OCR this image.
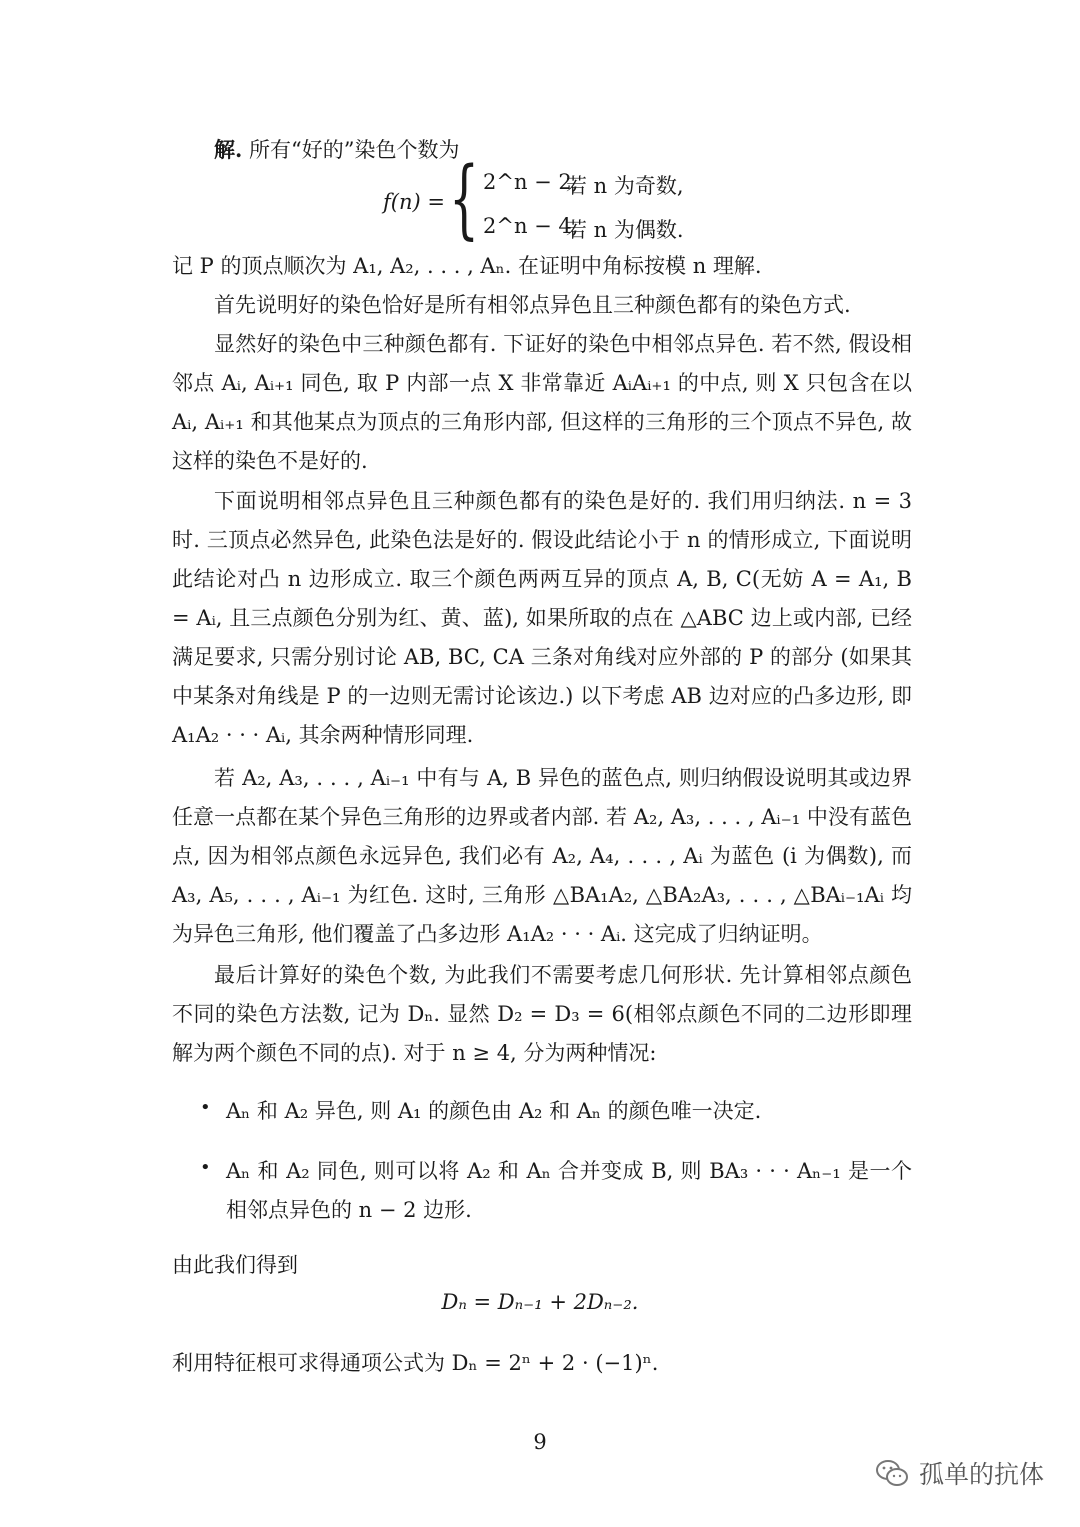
解. 所有“好的”染色个数为

f(n) = { 2^n − 2,
若 n 为奇数,
2^n − 4,
若 n 为偶数.

记 P 的顶点顺次为 A₁, A₂, . . . , Aₙ. 在证明中角标按模 n 理解.

首先说明好的染色恰好是所有相邻点异色且三种颜色都有的染色方式.

显然好的染色中三种颜色都有. 下证好的染色中相邻点异色. 若不然, 假设相邻点 Aᵢ, Aᵢ₊₁ 同色, 取 P 内部一点 X 非常靠近 AᵢAᵢ₊₁ 的中点, 则 X 只包含在以 Aᵢ, Aᵢ₊₁ 和其他某点为顶点的三角形内部, 但这样的三角形的三个顶点不异色, 故这样的染色不是好的.

下面说明相邻点异色且三种颜色都有的染色是好的. 我们用归纳法. n = 3 时. 三顶点必然异色, 此染色法是好的. 假设此结论小于 n 的情形成立, 下面说明此结论对凸 n 边形成立. 取三个颜色两两互异的顶点 A, B, C(无妨 A = A₁, B = Aᵢ, 且三点颜色分别为红、黄、蓝), 如果所取的点在 △ABC 边上或内部, 已经满足要求, 只需分别讨论 AB, BC, CA 三条对角线对应外部的 P 的部分 (如果其中某条对角线是 P 的一边则无需讨论该边.) 以下考虑 AB 边对应的凸多边形, 即 A₁A₂ · · · Aᵢ, 其余两种情形同理.

若 A₂, A₃, . . . , Aᵢ₋₁ 中有与 A, B 异色的蓝色点, 则归纳假设说明其或边界任意一点都在某个异色三角形的边界或者内部. 若 A₂, A₃, . . . , Aᵢ₋₁ 中没有蓝色点, 因为相邻点颜色永远异色, 我们必有 A₂, A₄, . . . , Aᵢ 为蓝色 (i 为偶数), 而 A₃, A₅, . . . , Aᵢ₋₁ 为红色. 这时, 三角形 △BA₁A₂, △BA₂A₃, . . . , △BAᵢ₋₁Aᵢ 均为异色三角形, 他们覆盖了凸多边形 A₁A₂ · · · Aᵢ. 这完成了归纳证明。

最后计算好的染色个数, 为此我们不需要考虑几何形状. 先计算相邻点颜色不同的染色方法数, 记为 Dₙ. 显然 D₂ = D₃ = 6(相邻点颜色不同的二边形即理解为两个颜色不同的点). 对于 n ≥ 4, 分为两种情况:

• Aₙ 和 A₂ 异色, 则 A₁ 的颜色由 A₂ 和 Aₙ 的颜色唯一决定.

• Aₙ 和 A₂ 同色, 则可以将 A₂ 和 Aₙ 合并变成 B, 则 BA₃ · · · Aₙ₋₁ 是一个相邻点异色的 n − 2 边形.

由此我们得到

Dₙ = Dₙ₋₁ + 2Dₙ₋₂.

利用特征根可求得通项公式为 Dₙ = 2ⁿ + 2 · (−1)ⁿ.

9
孤单的抗体
